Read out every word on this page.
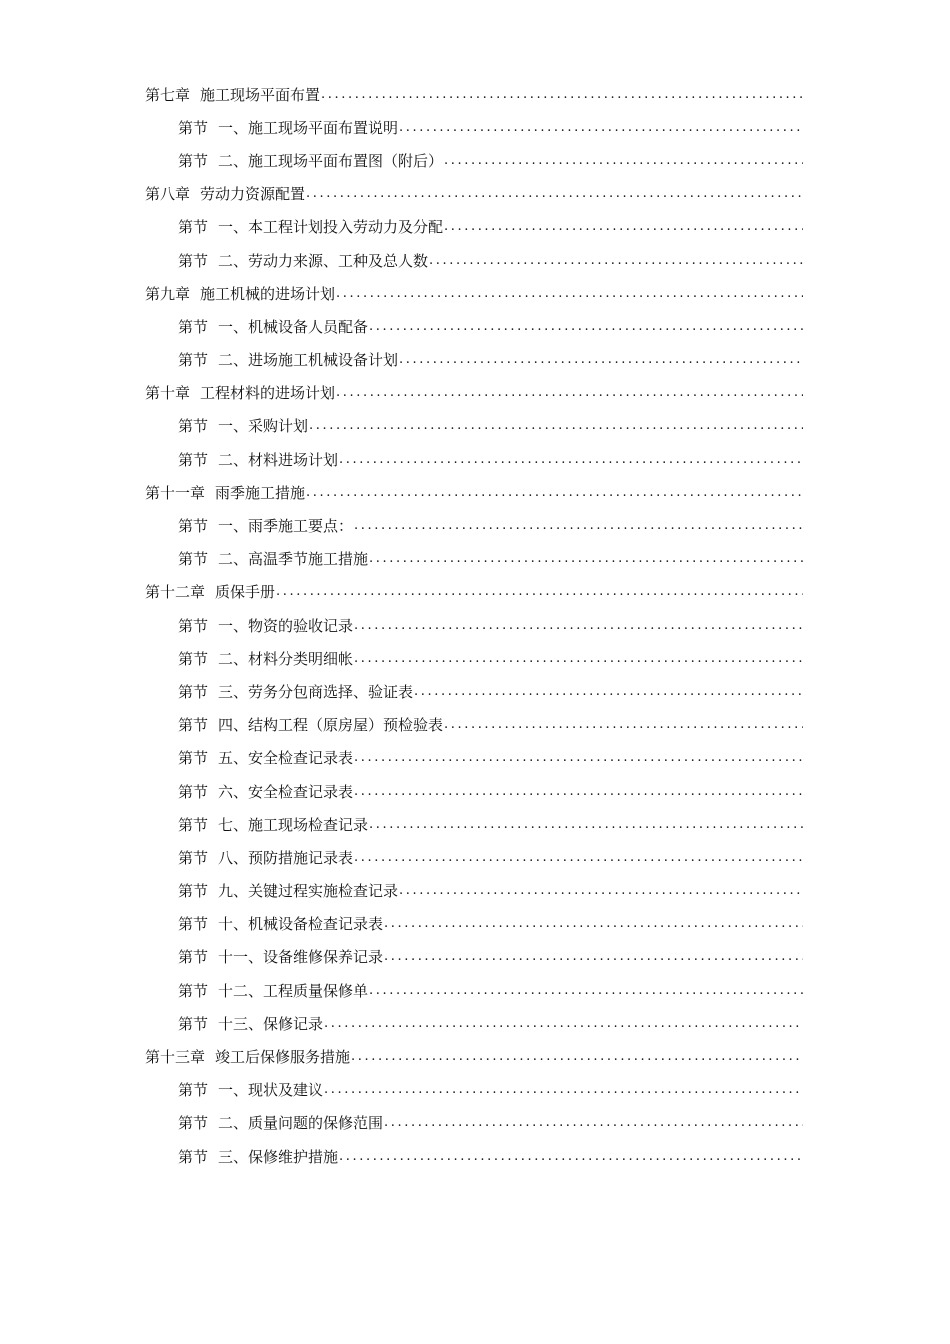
第七章 施工现场平面布置
.....
第节 一、施工现场平面布置说明
.....
第节 二、施工现场平面布置图（附后）
.....
第八章 劳动力资源配置
.....
第节 一、本工程计划投入劳动力及分配
.....
第节 二、劳动力来源、工种及总人数
.....
第九章 施工机械的进场计划
.....
第节 一、机械设备人员配备
.....
第节 二、进场施工机械设备计划
.....
第十章 工程材料的进场计划
.....
第节 一、采购计划
.....
第节 二、材料进场计划
.....
第十一章 雨季施工措施
.....
第节 一、雨季施工要点：
.....
第节 二、高温季节施工措施
.....
第十二章 质保手册
.....
第节 一、物资的验收记录
.....
第节 二、材料分类明细帐
.....
第节 三、劳务分包商选择、验证表
.....
第节 四、结构工程（原房屋）预检验表
.....
第节 五、安全检查记录表
.....
第节 六、安全检查记录表
.....
第节 七、施工现场检查记录
.....
第节 八、预防措施记录表
.....
第节 九、关键过程实施检查记录
.....
第节 十、机械设备检查记录表
.....
第节 十一、设备维修保养记录
.....
第节 十二、工程质量保修单
.....
第节 十三、保修记录
.....
第十三章 竣工后保修服务措施
.....
第节 一、现状及建议
.....
第节 二、质量问题的保修范围
.....
第节 三、保修维护措施
.....
